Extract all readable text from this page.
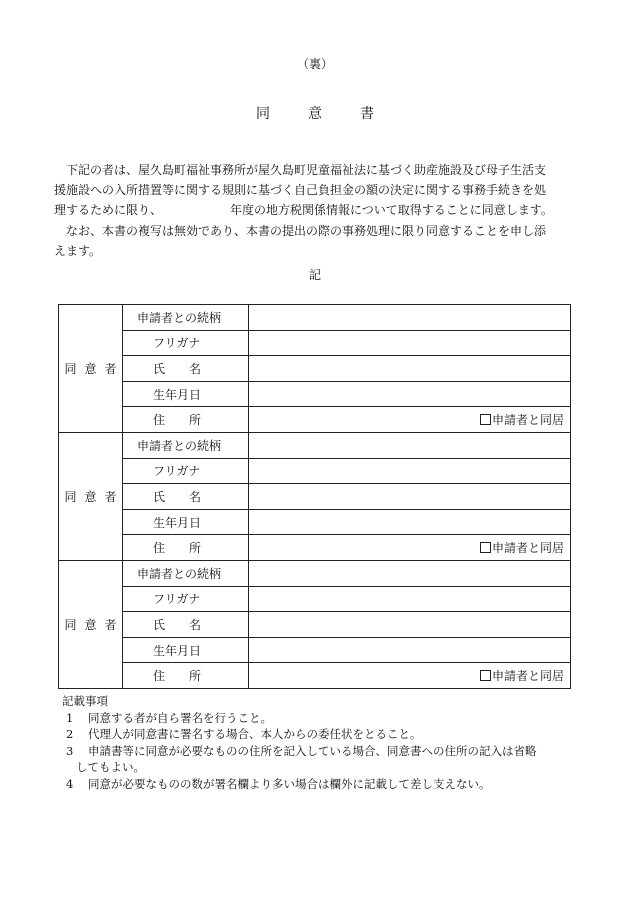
（裏）
同	意	書
下記の者は、屋久島町福祉事務所が屋久島町児童福祉法に基づく助産施設及び母子生活支
援施設への入所措置等に関する規則に基づく自己負担金の額の決定に関する事務手続きを処
理するために限り、	年度の地方税関係情報について取得することに同意します。
なお、本書の複写は無効であり、本書の提出の際の事務処理に限り同意することを申し添
えます。
記
同 意 者	申請者との続柄	
	フリガナ	
	氏 名	
	生年月日	
	住 所	申請者と同居
同 意 者	申請者との続柄	
	フリガナ	
	氏 名	
	生年月日	
	住 所	申請者と同居
同 意 者	申請者との続柄	
	フリガナ	
	氏 名	
	生年月日	
	住 所	申請者と同居
記載事項
1 同意する者が自ら署名を行うこと。
2 代理人が同意書に署名する場合、本人からの委任状をとること。
3 申請書等に同意が必要なものの住所を記入している場合、同意書への住所の記入は省略
してもよい。
4 同意が必要なものの数が署名欄より多い場合は欄外に記載して差し支えない。
